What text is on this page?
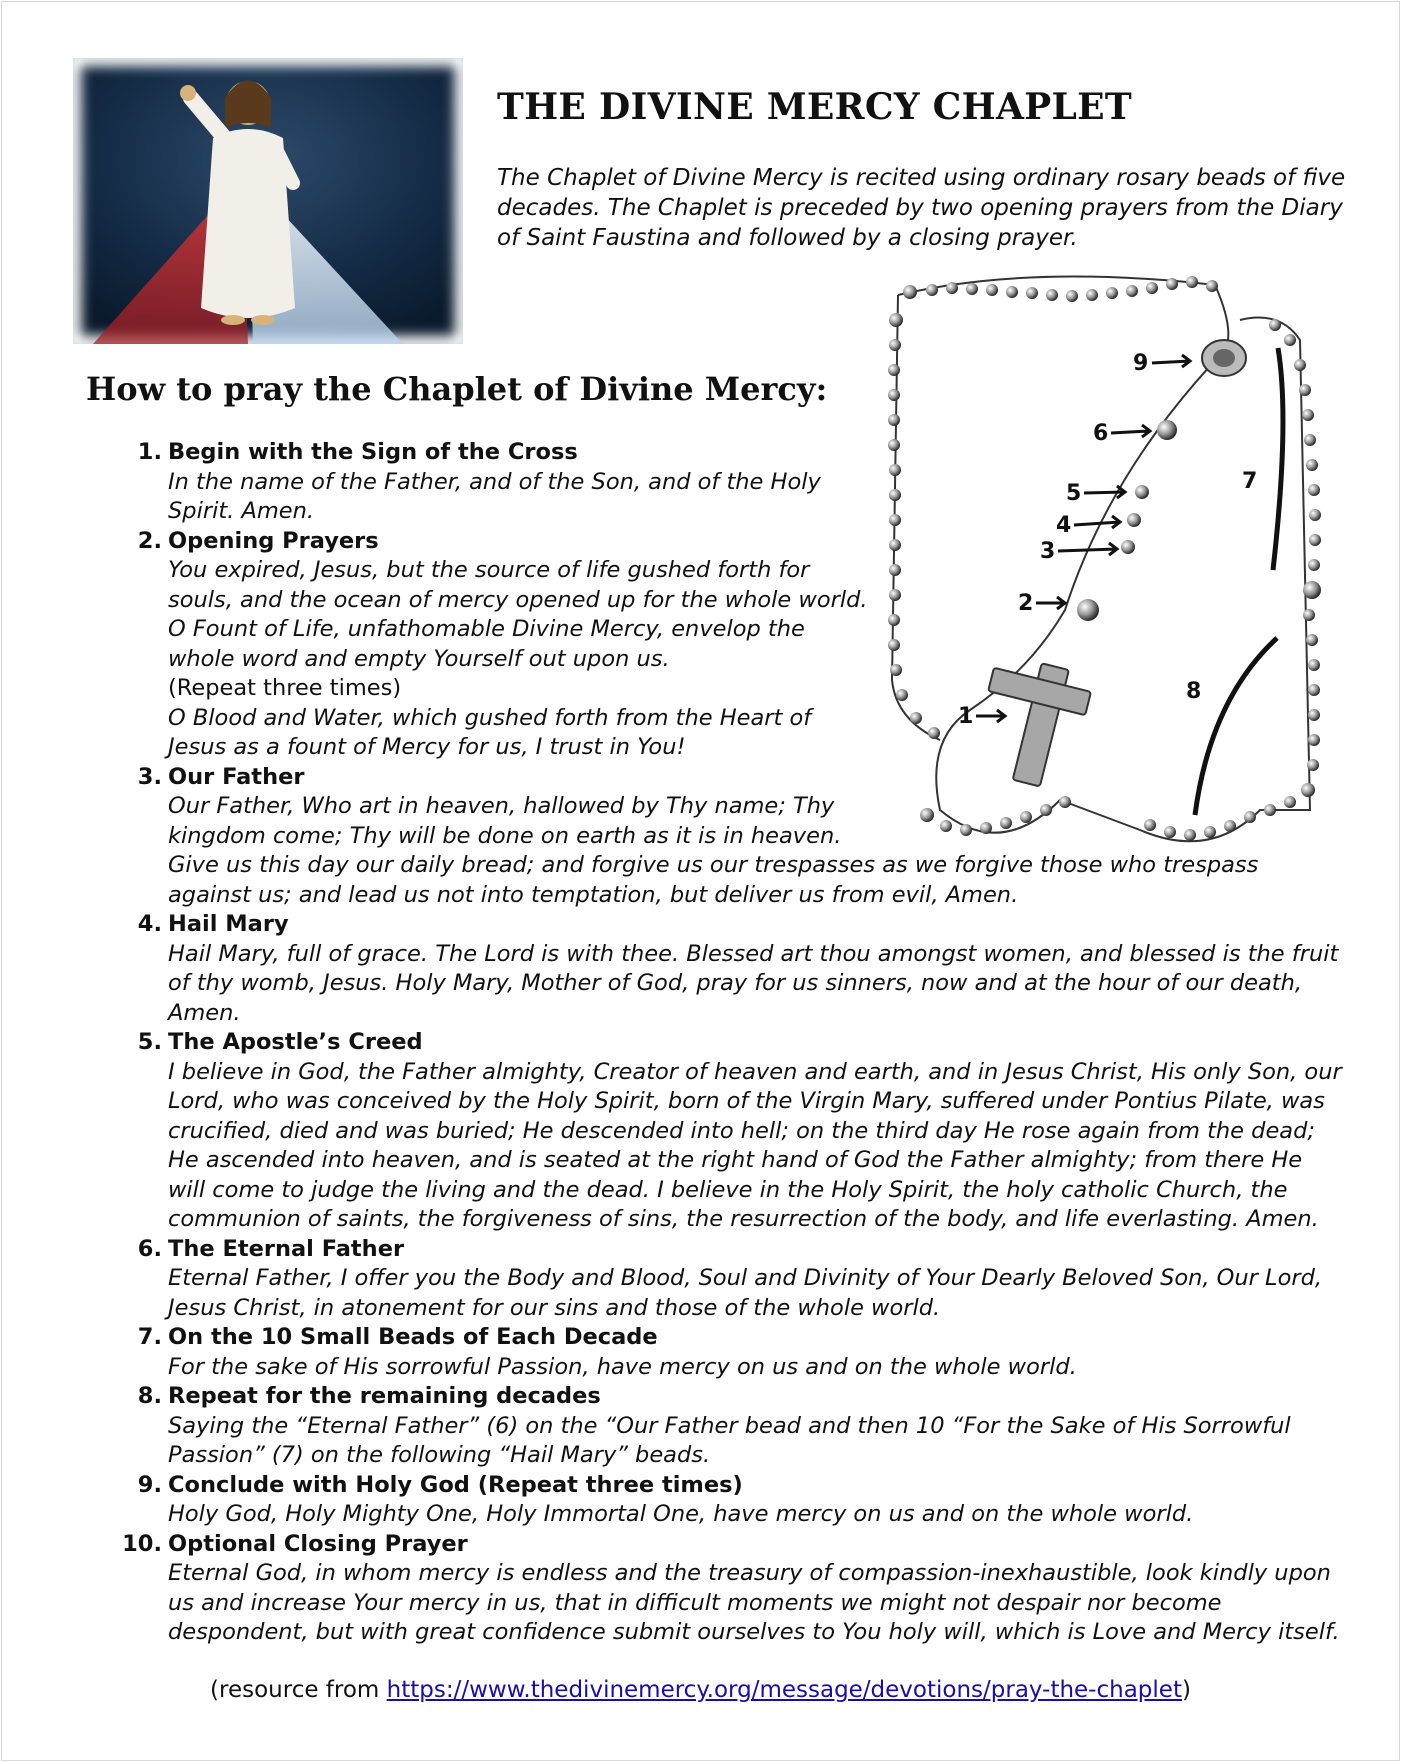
THE DIVINE MERCY CHAPLET
The Chaplet of Divine Mercy is recited using ordinary rosary beads of five decades. The Chaplet is preceded by two opening prayers from the Diary of Saint Faustina and followed by a closing prayer.
How to pray the Chaplet of Divine Mercy:
1
2
3
4
5
6
7
8
9
1. Begin with the Sign of the Cross
In the name of the Father, and of the Son, and of the Holy Spirit. Amen.
2. Opening Prayers
You expired, Jesus, but the source of life gushed forth for souls, and the ocean of mercy opened up for the whole world. O Fount of Life, unfathomable Divine Mercy, envelop the whole word and empty Yourself out upon us.
(Repeat three times)
O Blood and Water, which gushed forth from the Heart of Jesus as a fount of Mercy for us, I trust in You!
3. Our Father
Our Father, Who art in heaven, hallowed by Thy name; Thy kingdom come; Thy will be done on earth as it is in heaven.
Give us this day our daily bread; and forgive us our trespasses as we forgive those who trespass against us; and lead us not into temptation, but deliver us from evil, Amen.
4. Hail Mary
Hail Mary, full of grace. The Lord is with thee. Blessed art thou amongst women, and blessed is the fruit of thy womb, Jesus. Holy Mary, Mother of God, pray for us sinners, now and at the hour of our death, Amen.
5. The Apostle’s Creed
I believe in God, the Father almighty, Creator of heaven and earth, and in Jesus Christ, His only Son, our Lord, who was conceived by the Holy Spirit, born of the Virgin Mary, suffered under Pontius Pilate, was crucified, died and was buried; He descended into hell; on the third day He rose again from the dead; He ascended into heaven, and is seated at the right hand of God the Father almighty; from there He will come to judge the living and the dead. I believe in the Holy Spirit, the holy catholic Church, the communion of saints, the forgiveness of sins, the resurrection of the body, and life everlasting. Amen.
6. The Eternal Father
Eternal Father, I offer you the Body and Blood, Soul and Divinity of Your Dearly Beloved Son, Our Lord, Jesus Christ, in atonement for our sins and those of the whole world.
7. On the 10 Small Beads of Each Decade
For the sake of His sorrowful Passion, have mercy on us and on the whole world.
8. Repeat for the remaining decades
Saying the “Eternal Father” (6) on the “Our Father bead and then 10 “For the Sake of His Sorrowful Passion” (7) on the following “Hail Mary” beads.
9. Conclude with Holy God (Repeat three times)
Holy God, Holy Mighty One, Holy Immortal One, have mercy on us and on the whole world.
10. Optional Closing Prayer
Eternal God, in whom mercy is endless and the treasury of compassion-inexhaustible, look kindly upon us and increase Your mercy in us, that in difficult moments we might not despair nor become despondent, but with great confidence submit ourselves to You holy will, which is Love and Mercy itself.
(resource from https://www.thedivinemercy.org/message/devotions/pray-the-chaplet)
